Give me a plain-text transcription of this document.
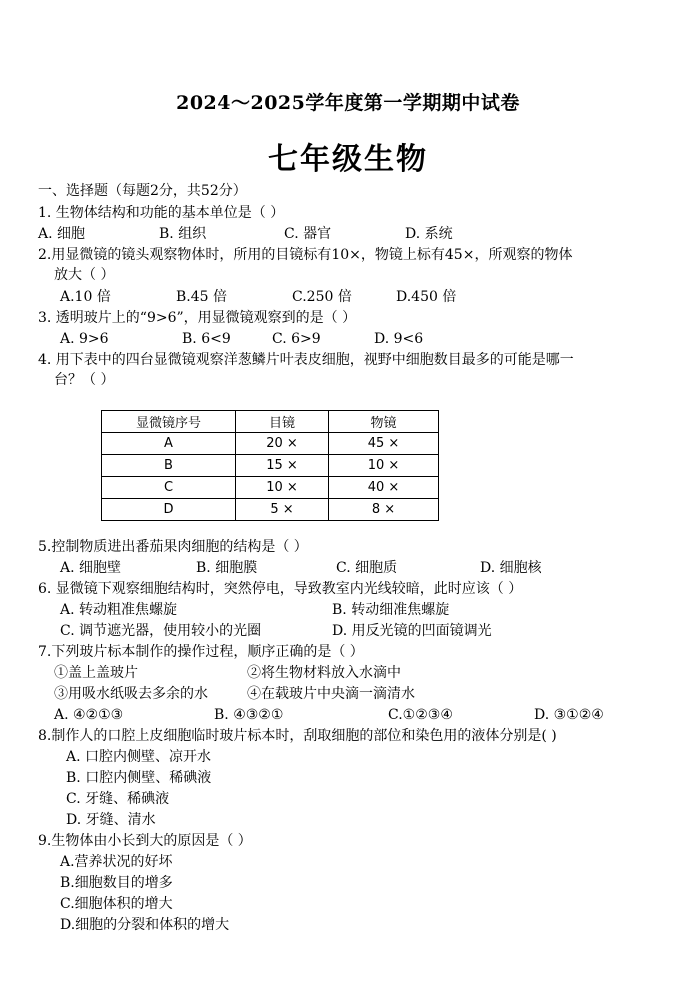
2024～2025学年度第一学期期中试卷
七年级生物
一、选择题（每题2分，共52分）
1. 生物体结构和功能的基本单位是（ ）
A. 细胞	B. 组织	C. 器官	D. 系统
2.用显微镜的镜头观察物体时，所用的目镜标有10×，物镜上标有45×，所观察的物体
放大（ ）
A.10 倍	B.45 倍	C.250 倍	D.450 倍
3. 透明玻片上的“9>6”，用显微镜观察到的是（ ）
A. 9>6	B. 6<9	C. 6>9	D. 9<6
4. 用下表中的四台显微镜观察洋葱鳞片叶表皮细胞，视野中细胞数目最多的可能是哪一
台？（ ）
显微镜序号	目镜	物镜
A	20 ×	45 ×
B	15 ×	10 ×
C	10 ×	40 ×
D	5 ×	8 ×
5.控制物质进出番茄果肉细胞的结构是（ ）
A. 细胞壁	B. 细胞膜	C. 细胞质	D. 细胞核
6. 显微镜下观察细胞结构时，突然停电，导致教室内光线较暗，此时应该（ ）
A. 转动粗准焦螺旋	B. 转动细准焦螺旋
C. 调节遮光器，使用较小的光圈	D. 用反光镜的凹面镜调光
7.下列玻片标本制作的操作过程，顺序正确的是（ ）
①盖上盖玻片	②将生物材料放入水滴中
③用吸水纸吸去多余的水	④在载玻片中央滴一滴清水
A. ④②①③	B. ④③②①	C.①②③④	D. ③①②④
8.制作人的口腔上皮细胞临时玻片标本时，刮取细胞的部位和染色用的液体分别是( )
A. 口腔内侧壁、凉开水
B. 口腔内侧壁、稀碘液
C. 牙缝、稀碘液
D. 牙缝、清水
9.生物体由小长到大的原因是（ ）
A.营养状况的好坏
B.细胞数目的增多
C.细胞体积的增大
D.细胞的分裂和体积的增大
